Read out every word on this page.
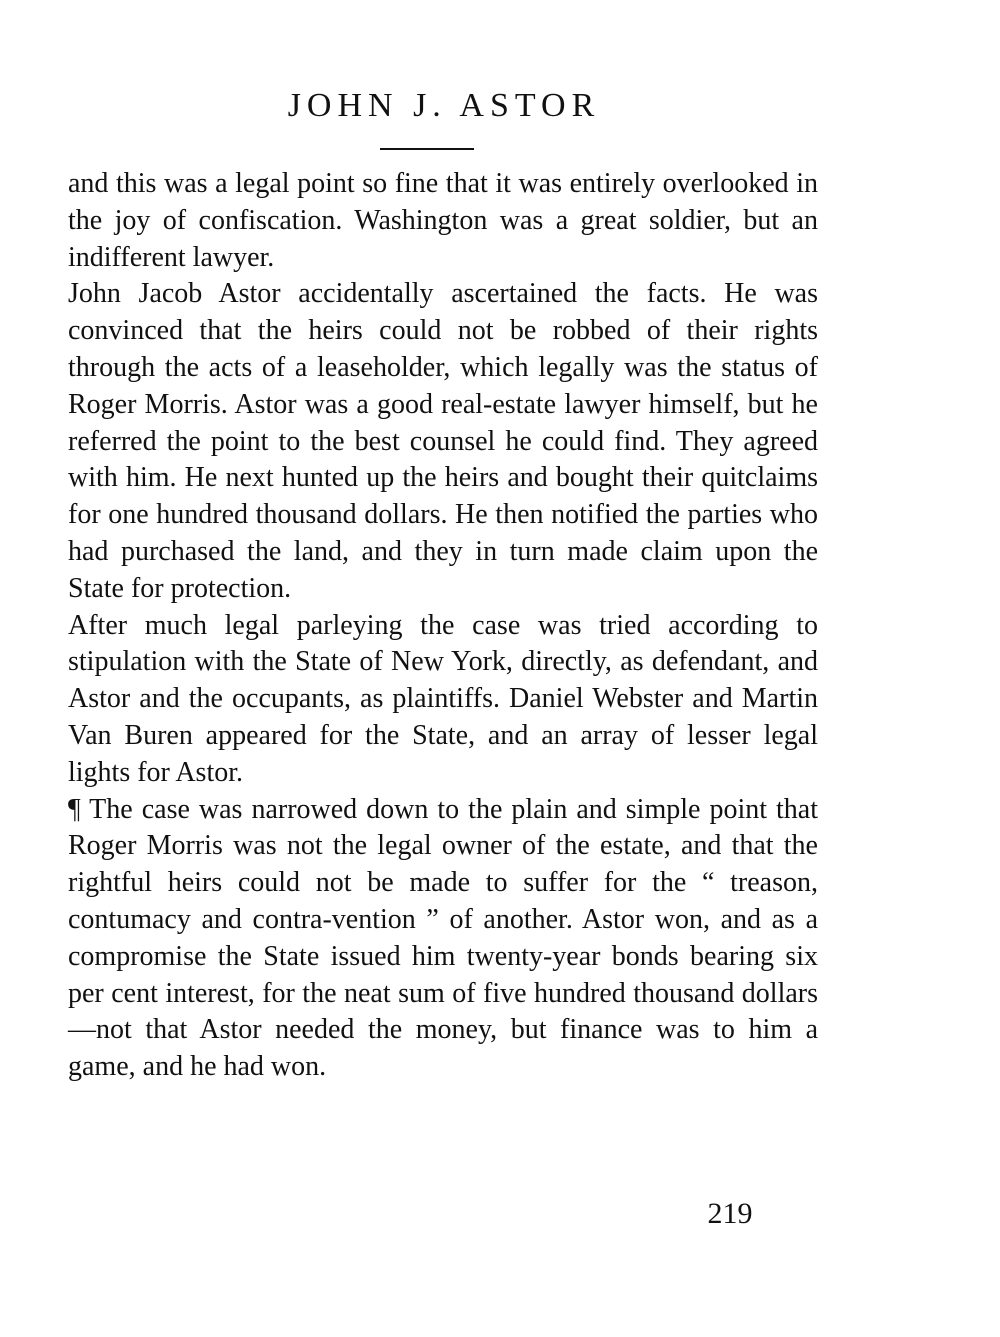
JOHN J. ASTOR

and this was a legal point so fine that it was entirely overlooked in the joy of confiscation. Washington was a great soldier, but an indifferent lawyer.

John Jacob Astor accidentally ascertained the facts. He was convinced that the heirs could not be robbed of their rights through the acts of a leaseholder, which legally was the status of Roger Morris. Astor was a good real-estate lawyer himself, but he referred the point to the best counsel he could find. They agreed with him. He next hunted up the heirs and bought their quitclaims for one hundred thousand dollars. He then notified the parties who had purchased the land, and they in turn made claim upon the State for protection.

After much legal parleying the case was tried according to stipulation with the State of New York, directly, as defendant, and Astor and the occupants, as plaintiffs. Daniel Webster and Martin Van Buren appeared for the State, and an array of lesser legal lights for Astor.

¶ The case was narrowed down to the plain and simple point that Roger Morris was not the legal owner of the estate, and that the rightful heirs could not be made to suffer for the “ treason, contumacy and contra-vention ” of another. Astor won, and as a compromise the State issued him twenty-year bonds bearing six per cent interest, for the neat sum of five hundred thousand dollars—not that Astor needed the money, but finance was to him a game, and he had won.

219
